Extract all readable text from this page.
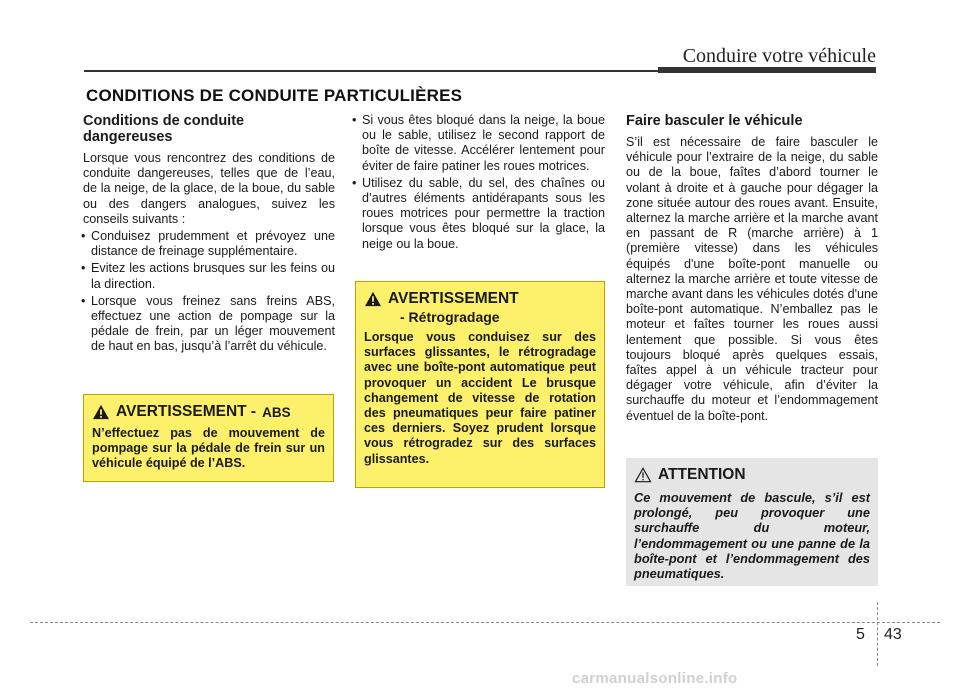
Conduire votre véhicule
CONDITIONS DE CONDUITE PARTICULIÈRES
Conditions de conduite dangereuses

Lorsque vous rencontrez des conditions de conduite dangereuses, telles que de l’eau, de la neige, de la glace, de la boue, du sable ou des dangers analogues, suivez les conseils suivants :

• Conduisez prudemment et prévoyez une distance de freinage supplémentaire.
• Evitez les actions brusques sur les feins ou la direction.
• Lorsque vous freinez sans freins ABS, effectuez une action de pompage sur la pédale de frein, par un léger mouvement de haut en bas, jusqu’à l’arrêt du véhicule.
AVERTISSEMENT - ABS
N’effectuez pas de mouvement de pompage sur la pédale de frein sur un véhicule équipé de l’ABS.
• Si vous êtes bloqué dans la neige, la boue ou le sable, utilisez le second rapport de boîte de vitesse. Accélérer lentement pour éviter de faire patiner les roues motrices.
• Utilisez du sable, du sel, des chaînes ou d’autres éléments antidérapants sous les roues motrices pour permettre la traction lorsque vous êtes bloqué sur la glace, la neige ou la boue.
AVERTISSEMENT
- Rétrogradage
Lorsque vous conduisez sur des surfaces glissantes, le rétrogradage avec une boîte-pont automatique peut provoquer un accident Le brusque changement de vitesse de rotation des pneumatiques peur faire patiner ces derniers. Soyez prudent lorsque vous rétrogradez sur des surfaces glissantes.
Faire basculer le véhicule

S’il est nécessaire de faire basculer le véhicule pour l’extraire de la neige, du sable ou de la boue, faîtes d’abord tourner le volant à droite et à gauche pour dégager la zone située autour des roues avant. Ensuite, alternez la marche arrière et la marche avant en passant de R (marche arrière) à 1 (première vitesse) dans les véhicules équipés d'une boîte-pont manuelle ou alternez la marche arrière et toute vitesse de marche avant dans les véhicules dotés d'une boîte-pont automatique. N’emballez pas le moteur et faîtes tourner les roues aussi lentement que possible. Si vous êtes toujours bloqué après quelques essais, faîtes appel à un véhicule tracteur pour dégager votre véhicule, afin d’éviter la surchauffe du moteur et l’endommagement éventuel de la boîte-pont.

ATTENTION
Ce mouvement de bascule, s’il est prolongé, peu provoquer une surchauffe du moteur, l’endommagement ou une panne de la boîte-pont et l’endommagement des pneumatiques.
5 43
carmanualsonline.info
